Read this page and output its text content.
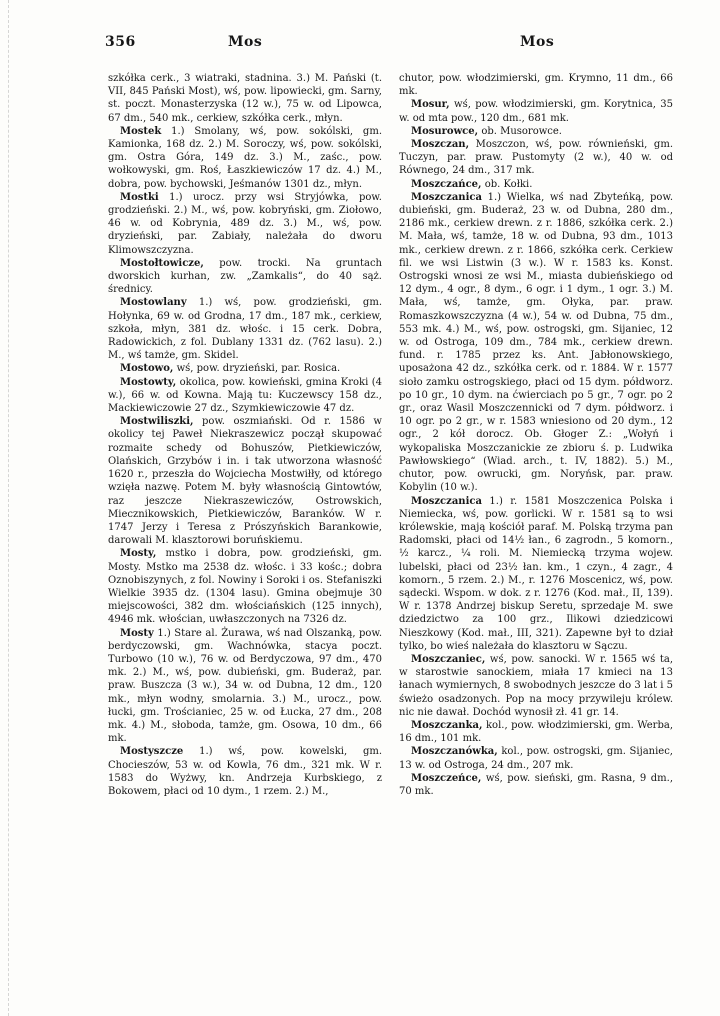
356	Mos	Mos

szkółka cerk., 3 wiatraki, stadnina. 3.) M. Pański (t. VII, 845 Pański Most), wś, pow. lipowiecki, gm. Sarny, st. poczt. Monasterzyska (12 w.), 75 w. od Lipowca, 67 dm., 540 mk., cerkiew, szkółka cerk., młyn.

Mostek 1.) Smolany, wś, pow. sokólski, gm. Kamionka, 168 dz. 2.) M. Soroczy, wś, pow. sokólski, gm. Ostra Góra, 149 dz. 3.) M., zaśc., pow. wołkowyski, gm. Roś, Łaszkiewiczów 17 dz. 4.) M., dobra, pow. bychowski, Jeśmanów 1301 dz., młyn.

Mostki 1.) urocz. przy wsi Stryjówka, pow. grodzieński. 2.) M., wś, pow. kobryński, gm. Ziołowo, 46 w. od Kobrynia, 489 dz. 3.) M., wś, pow. dryzieński, par. Zabiały, należała do dworu Klimowszczyzna.

Mostołtowicze, pow. trocki. Na gruntach dworskich kurhan, zw. „Zamkalis“, do 40 sąż. średnicy.

Mostowlany 1.) wś, pow. grodzieński, gm. Hołynka, 69 w. od Grodna, 17 dm., 187 mk., cerkiew, szkoła, młyn, 381 dz. włośc. i 15 cerk. Dobra, Radowickich, z fol. Dublany 1331 dz. (762 lasu). 2.) M., wś tamże, gm. Skidel.

Mostowo, wś, pow. dryzieński, par. Rosica.

Mostowty, okolica, pow. kowieński, gmina Kroki (4 w.), 66 w. od Kowna. Mają tu: Kuczewscy 158 dz., Mackiewiczowie 27 dz., Szymkiewiczowie 47 dz.

Mostwiliszki, pow. oszmiański. Od r. 1586 w okolicy tej Paweł Niekraszewicz począł skupować rozmaite schedy od Bohuszów, Pietkiewiczów, Olańskich, Grzybów i in. i tak utworzona własność 1620 r., przeszła do Wojciecha Mostwiłły, od którego wzięła nazwę. Potem M. były własnością Gintowtów, raz jeszcze Niekraszewiczów, Ostrowskich, Miecznikowskich, Pietkiewiczów, Baranków. W r. 1747 Jerzy i Teresa z Prószyńskich Barankowie, darowali M. klasztorowi boruńskiemu.

Mosty, mstko i dobra, pow. grodzieński, gm. Mosty. Mstko ma 2538 dz. włośc. i 33 kośc.; dobra Oznobiszynych, z fol. Nowiny i Soroki i os. Stefaniszki Wielkie 3935 dz. (1304 lasu). Gmina obejmuje 30 miejscowości, 382 dm. włościańskich (125 innych), 4946 mk. włościan, uwłaszczonych na 7326 dz.

Mosty 1.) Stare al. Żurawa, wś nad Olszanką, pow. berdyczowski, gm. Wachnówka, stacya poczt. Turbowo (10 w.), 76 w. od Berdyczowa, 97 dm., 470 mk. 2.) M., wś, pow. dubieński, gm. Buderaż, par. praw. Buszcza (3 w.), 34 w. od Dubna, 12 dm., 120 mk., młyn wodny, smolarnia. 3.) M., urocz., pow. łucki, gm. Trościaniec, 25 w. od Łucka, 27 dm., 208 mk. 4.) M., słoboda, tamże, gm. Osowa, 10 dm., 66 mk.

Mostyszcze 1.) wś, pow. kowelski, gm. Chocieszów, 53 w. od Kowla, 76 dm., 321 mk. W r. 1583 do Wyżwy, kn. Andrzeja Kurbskiego, z Bokowem, płaci od 10 dym., 1 rzem. 2.) M.,

chutor, pow. włodzimierski, gm. Krymno, 11 dm., 66 mk.

Mosur, wś, pow. włodzimierski, gm. Korytnica, 35 w. od mta pow., 120 dm., 681 mk.

Mosurowce, ob. Musorowce.

Moszczan, Moszczon, wś, pow. równieński, gm. Tuczyn, par. praw. Pustomyty (2 w.), 40 w. od Równego, 24 dm., 317 mk.

Moszczańce, ob. Kołki.

Moszczanica 1.) Wielka, wś nad Zbyteńką, pow. dubieński, gm. Buderaż, 23 w. od Dubna, 280 dm., 2186 mk., cerkiew drewn. z r. 1886, szkółka cerk. 2.) M. Mała, wś, tamże, 18 w. od Dubna, 93 dm., 1013 mk., cerkiew drewn. z r. 1866, szkółka cerk. Cerkiew fil. we wsi Listwin (3 w.). W r. 1583 ks. Konst. Ostrogski wnosi ze wsi M., miasta dubieńskiego od 12 dym., 4 ogr., 8 dym., 6 ogr. i 1 dym., 1 ogr. 3.) M. Mała, wś, tamże, gm. Ołyka, par. praw. Romaszkowszczyzna (4 w.), 54 w. od Dubna, 75 dm., 553 mk. 4.) M., wś, pow. ostrogski, gm. Sijaniec, 12 w. od Ostroga, 109 dm., 784 mk., cerkiew drewn. fund. r. 1785 przez ks. Ant. Jabłonowskiego, uposażona 42 dz., szkółka cerk. od r. 1884. W r. 1577 sioło zamku ostrogskiego, płaci od 15 dym. półdworz. po 10 gr., 10 dym. na ćwierciach po 5 gr., 7 ogr. po 2 gr., oraz Wasil Moszczennicki od 7 dym. półdworz. i 10 ogr. po 2 gr., w r. 1583 wniesiono od 20 dym., 12 ogr., 2 kół dorocz. Ob. Głoger Z.: „Wołyń i wykopaliska Moszczanickie ze zbioru ś. p. Ludwika Pawłowskiego“ (Wiad. arch., t. IV, 1882). 5.) M., chutor, pow. owrucki, gm. Noryńsk, par. praw. Kobylin (10 w.).

Moszczanica 1.) r. 1581 Moszczenica Polska i Niemiecka, wś, pow. gorlicki. W r. 1581 są to wsi królewskie, mają kościół paraf. M. Polską trzyma pan Radomski, płaci od 14½ łan., 6 zagrodn., 5 komorn., ½ karcz., ¼ roli. M. Niemiecką trzyma wojew. lubelski, płaci od 23½ łan. km., 1 czyn., 4 zagr., 4 komorn., 5 rzem. 2.) M., r. 1276 Moscenicz, wś, pow. sądecki. Wspom. w dok. z r. 1276 (Kod. mał., II, 139). W r. 1378 Andrzej biskup Seretu, sprzedaje M. swe dziedzictwo za 100 grz., Ilikowi dziedzicowi Nieszkowy (Kod. mał., III, 321). Zapewne był to dział tylko, bo wieś należała do klasztoru w Sączu.

Moszczaniec, wś, pow. sanocki. W r. 1565 wś ta, w starostwie sanockiem, miała 17 kmieci na 13 łanach wymiernych, 8 swobodnych jeszcze do 3 lat i 5 świeżo osadzonych. Pop na mocy przywileju królew. nic nie dawał. Dochód wynosił zł. 41 gr. 14.

Moszczanka, kol., pow. włodzimierski, gm. Werba, 16 dm., 101 mk.

Moszczanówka, kol., pow. ostrogski, gm. Sijaniec, 13 w. od Ostroga, 24 dm., 207 mk.

Moszczeńce, wś, pow. sieński, gm. Rasna, 9 dm., 70 mk.
